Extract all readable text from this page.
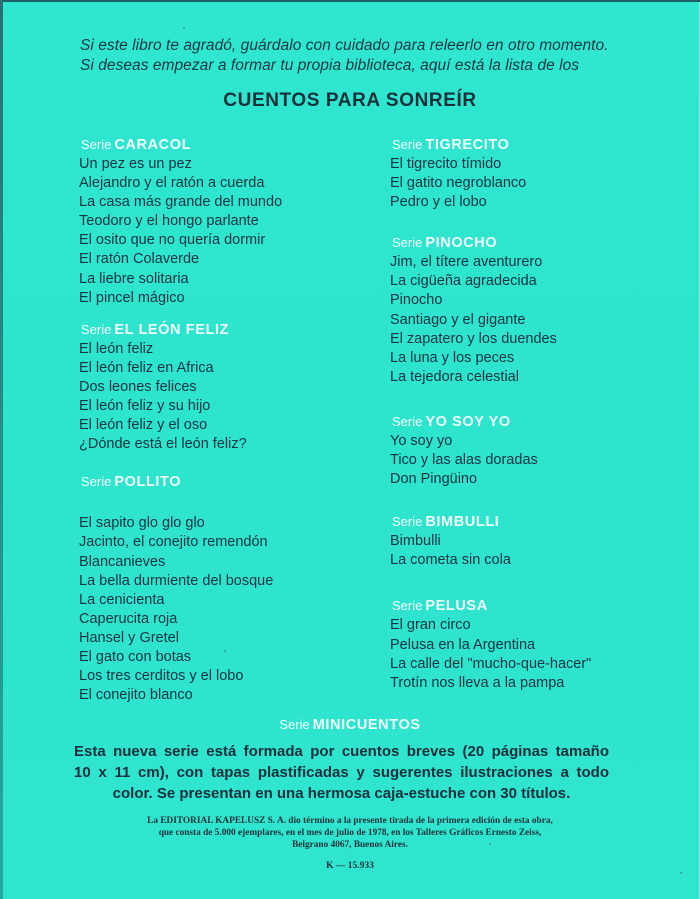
Si este libro te agradó, guárdalo con cuidado para releerlo en otro momento.
Si deseas empezar a formar tu propia biblioteca, aquí está la lista de los
CUENTOS PARA SONREÍR
Serie CARACOL
Un pez es un pez
Alejandro y el ratón a cuerda
La casa más grande del mundo
Teodoro y el hongo parlante
El osito que no quería dormir
El ratón Colaverde
La liebre solitaria
El pincel mágico
Serie EL LEÓN FELIZ
El león feliz
El león feliz en Africa
Dos leones felices
El león feliz y su hijo
El león feliz y el oso
¿Dónde está el león feliz?
Serie POLLITO
El sapito glo glo glo
Jacinto, el conejito remendón
Blancanieves
La bella durmiente del bosque
La cenicienta
Caperucita roja
Hansel y Gretel
El gato con botas
Los tres cerditos y el lobo
El conejito blanco
Serie TIGRECITO
El tigrecito tímido
El gatito negroblanco
Pedro y el lobo
Serie PINOCHO
Jim, el títere aventurero
La cigüeña agradecida
Pinocho
Santiago y el gigante
El zapatero y los duendes
La luna y los peces
La tejedora celestial
Serie YO SOY YO
Yo soy yo
Tico y las alas doradas
Don Pingüino
Serie BIMBULLI
Bimbulli
La cometa sin cola
Serie PELUSA
El gran circo
Pelusa en la Argentina
La calle del "mucho-que-hacer"
Trotín nos lleva a la pampa
Serie MINICUENTOS
Esta nueva serie está formada por cuentos breves (20 páginas tamaño
10 x 11 cm), con tapas plastificadas y sugerentes ilustraciones a todo
color. Se presentan en una hermosa caja-estuche con 30 títulos.
La EDITORIAL KAPELUSZ S. A. dio término a la presente tirada de la primera edición de esta obra,
que consta de 5.000 ejemplares, en el mes de julio de 1978, en los Talleres Gráficos Ernesto Zeiss,
Belgrano 4067, Buenos Aires.
K — 15.933
